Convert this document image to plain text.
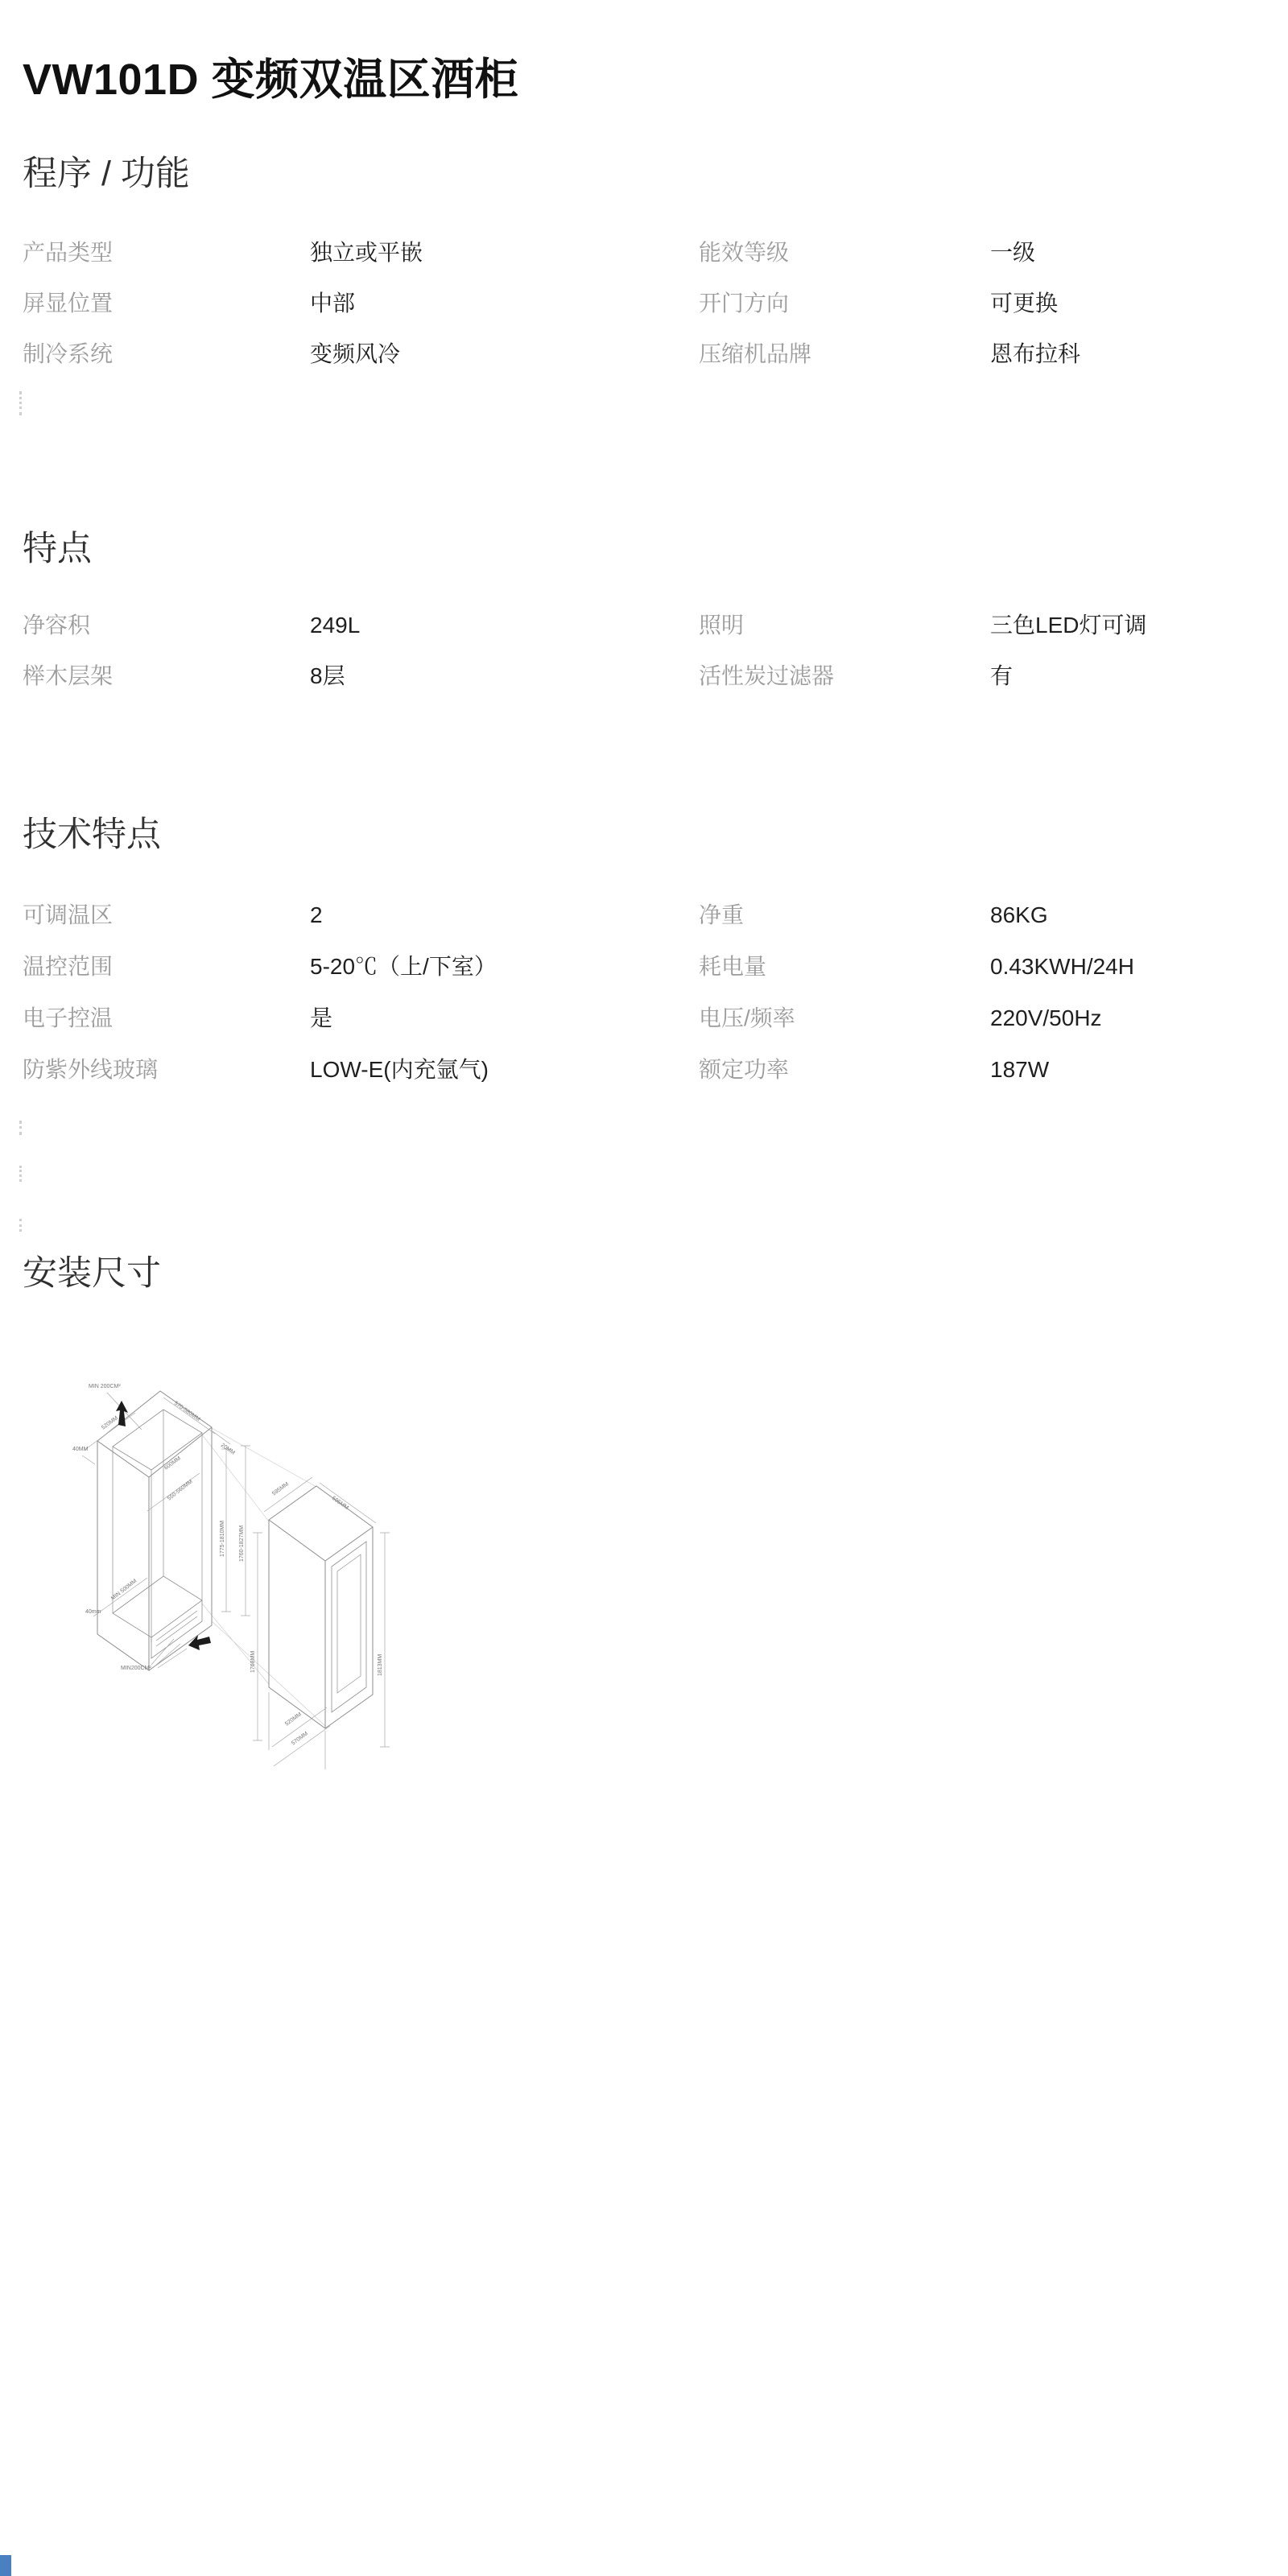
VW101D 变频双温区酒柜
程序 / 功能
产品类型	独立或平嵌	能效等级	一级
屏显位置	中部	开门方向	可更换
制冷系统	变频风冷	压缩机品牌	恩布拉科
特点
净容积	249L	照明	三色LED灯可调
榉木层架	8层	活性炭过滤器	有
技术特点
可调温区	2	净重	86KG
温控范围	5-20℃（上/下室）	耗电量	0.43KWH/24H
电子控温	是	电压/频率	220V/50Hz
防紫外线玻璃	LOW-E(内充氩气)	额定功率	187W
安装尺寸
MIN 200CM²
520MM
570-580MM
40MM	20MM
600MM
550-560MM
1775-1810MM 1760-1827MM
MIN 500MM
40mm
MIN200CM²
595MM
595MM
1768MM	1813MM
520MM
570MM
